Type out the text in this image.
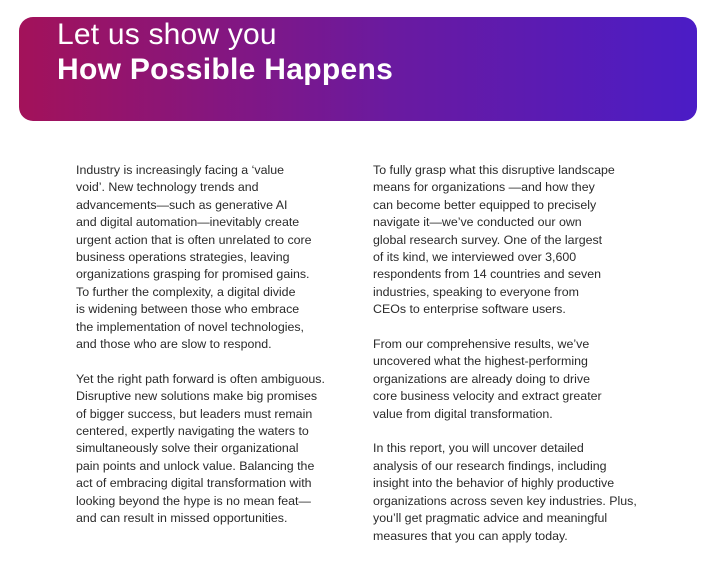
Let us show you
How Possible Happens

Industry is increasingly facing a ‘value
void’. New technology trends and
advancements—such as generative AI
and digital automation—inevitably create
urgent action that is often unrelated to core
business operations strategies, leaving
organizations grasping for promised gains.
To further the complexity, a digital divide
is widening between those who embrace
the implementation of novel technologies,
and those who are slow to respond.

Yet the right path forward is often ambiguous.
Disruptive new solutions make big promises
of bigger success, but leaders must remain
centered, expertly navigating the waters to
simultaneously solve their organizational
pain points and unlock value. Balancing the
act of embracing digital transformation with
looking beyond the hype is no mean feat—
and can result in missed opportunities.

To fully grasp what this disruptive landscape
means for organizations —and how they
can become better equipped to precisely
navigate it—we’ve conducted our own
global research survey. One of the largest
of its kind, we interviewed over 3,600
respondents from 14 countries and seven
industries, speaking to everyone from
CEOs to enterprise software users.

From our comprehensive results, we’ve
uncovered what the highest-performing
organizations are already doing to drive
core business velocity and extract greater
value from digital transformation.

In this report, you will uncover detailed
analysis of our research findings, including
insight into the behavior of highly productive
organizations across seven key industries. Plus,
you’ll get pragmatic advice and meaningful
measures that you can apply today.
